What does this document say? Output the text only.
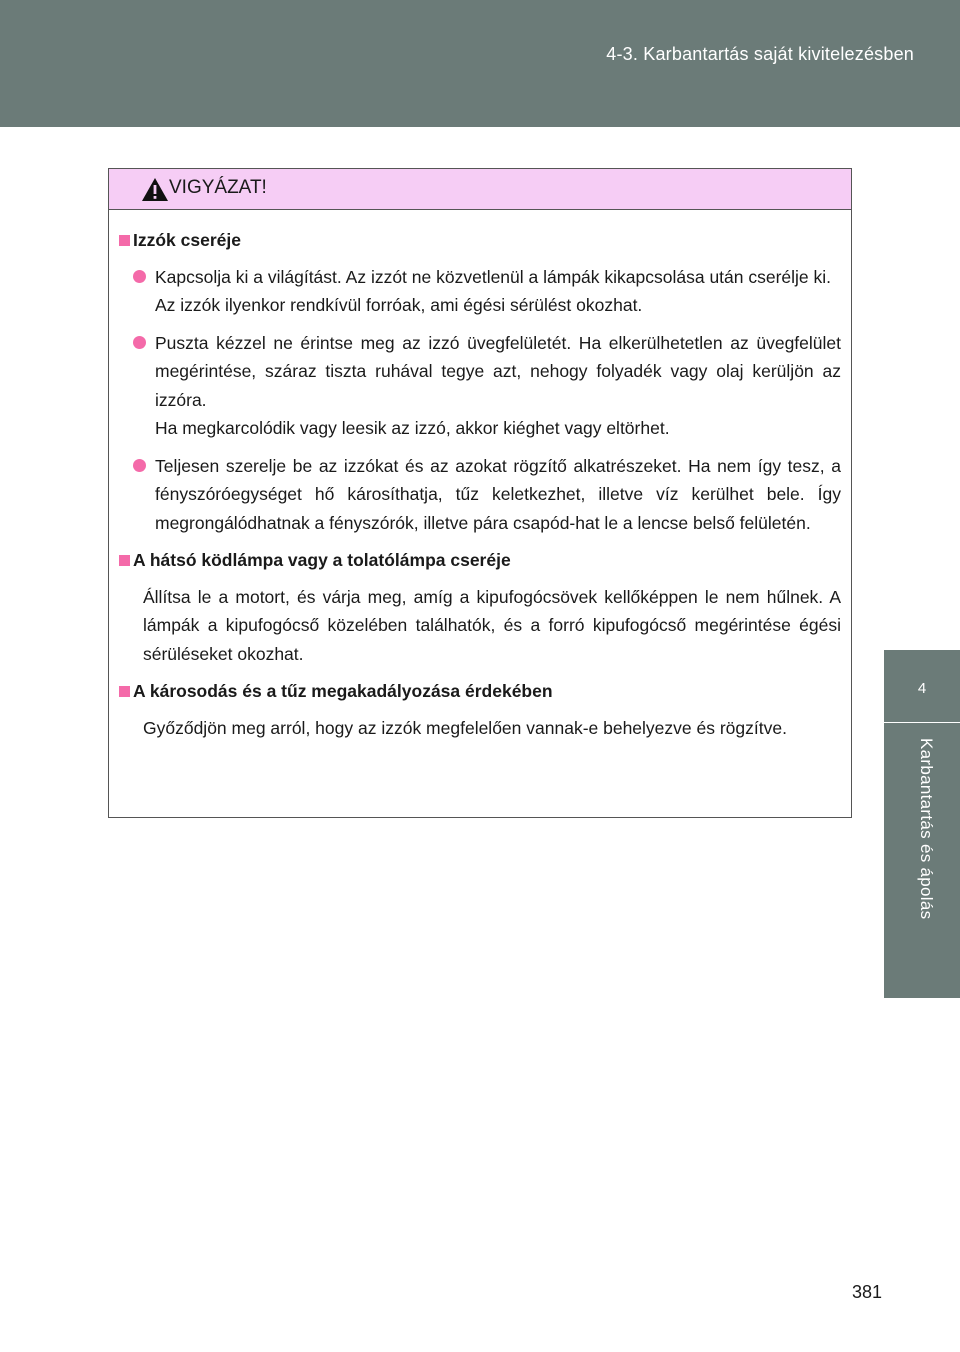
4-3. Karbantartás saját kivitelezésben
4
Karbantartás és ápolás
VIGYÁZAT!
Izzók cseréje
Kapcsolja ki a világítást. Az izzót ne közvetlenül a lámpák kikapcsolása után cserélje ki.
Az izzók ilyenkor rendkívül forróak, ami égési sérülést okozhat.
Puszta kézzel ne érintse meg az izzó üvegfelületét. Ha elkerülhetetlen az üvegfelület megérintése, száraz tiszta ruhával tegye azt, nehogy folyadék vagy olaj kerüljön az izzóra.
Ha megkarcolódik vagy leesik az izzó, akkor kiéghet vagy eltörhet.
Teljesen szerelje be az izzókat és az azokat rögzítő alkatrészeket. Ha nem így tesz, a fényszóróegységet hő károsíthatja, tűz keletkezhet, illetve víz kerülhet bele. Így megrongálódhatnak a fényszórók, illetve pára csapód-hat le a lencse belső felületén.
A hátsó ködlámpa vagy a tolatólámpa cseréje
Állítsa le a motort, és várja meg, amíg a kipufogócsövek kellőképpen le nem hűlnek. A lámpák a kipufogócső közelében találhatók, és a forró kipufogócső megérintése égési sérüléseket okozhat.
A károsodás és a tűz megakadályozása érdekében
Győződjön meg arról, hogy az izzók megfelelően vannak-e behelyezve és rögzítve.
381
